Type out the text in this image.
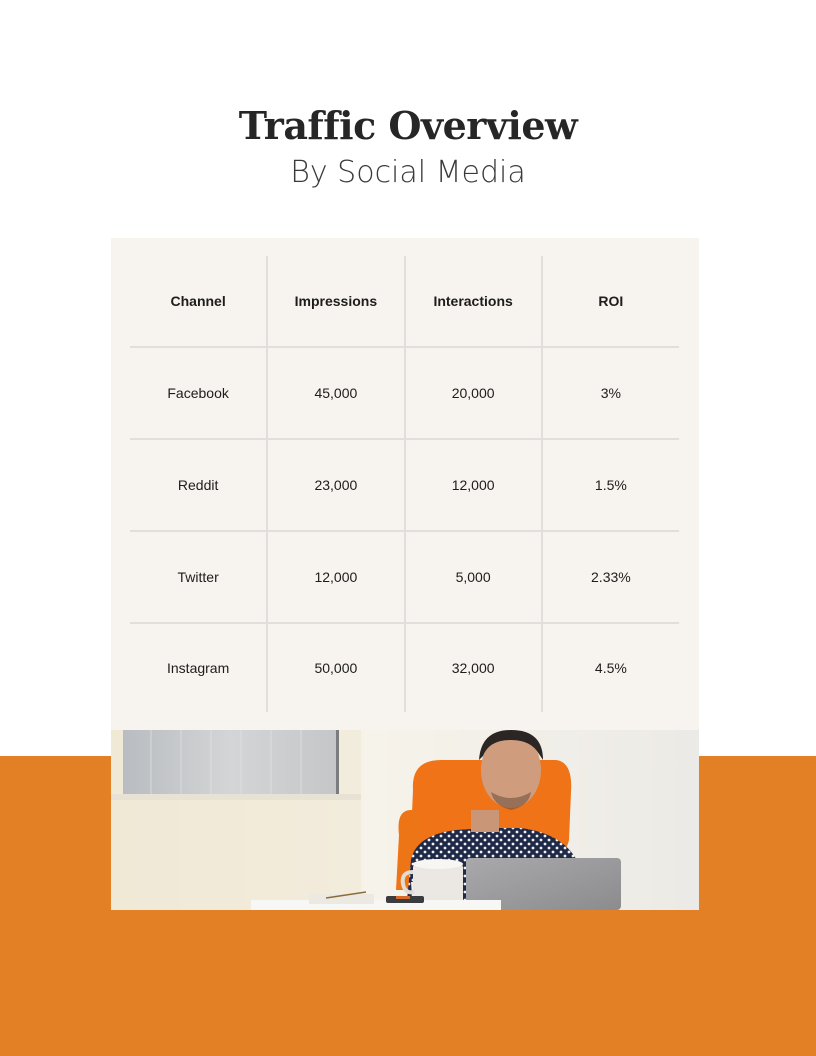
Traffic Overview
By Social Media
Channel	Impressions	Interactions	ROI
Facebook	45,000	20,000	3%
Reddit	23,000	12,000	1.5%
Twitter	12,000	5,000	2.33%
Instagram	50,000	32,000	4.5%
